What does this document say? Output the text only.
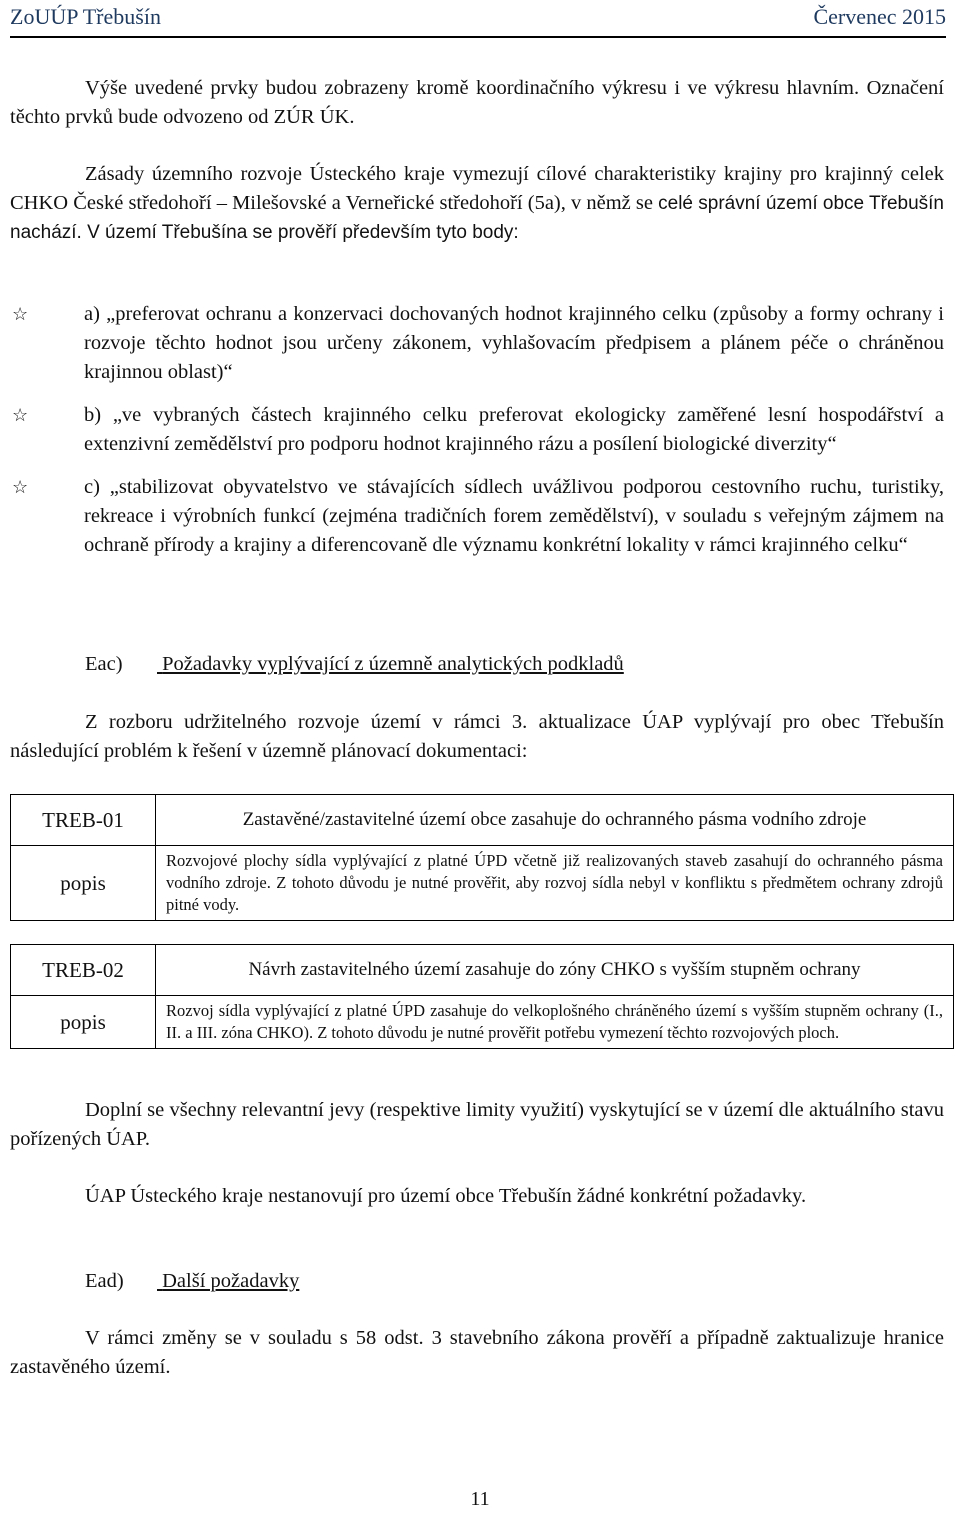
ZoUÚP Třebušín	Červenec 2015

Výše uvedené prvky budou zobrazeny kromě koordinačního výkresu i ve výkresu hlavním. Označení těchto prvků bude odvozeno od ZÚR ÚK.

Zásady územního rozvoje Ústeckého kraje vymezují cílové charakteristiky krajiny pro krajinný celek CHKO České středohoří – Milešovské a Verneřické středohoří (5a), v němž se celé správní území obce Třebušín nachází. V území Třebušína se prověří především tyto body:
☆	a) „preferovat ochranu a konzervaci dochovaných hodnot krajinného celku (způsoby a formy ochrany i rozvoje těchto hodnot jsou určeny zákonem, vyhlašovacím předpisem a plánem péče o chráněnou krajinnou oblast)“
☆	b) „ve vybraných částech krajinného celku preferovat ekologicky zaměřené lesní hospodářství a extenzivní zemědělství pro podporu hodnot krajinného rázu a posílení biologické diverzity“
☆	c) „stabilizovat obyvatelstvo ve stávajících sídlech uvážlivou podporou cestovního ruchu, turistiky, rekreace i výrobních funkcí (zejména tradičních forem zemědělství), v souladu s veřejným zájmem na ochraně přírody a krajiny a diferencovaně dle významu konkrétní lokality v rámci krajinného celku“
Eac) Požadavky vyplývající z územně analytických podkladů

Z rozboru udržitelného rozvoje území v rámci 3. aktualizace ÚAP vyplývají pro obec Třebušín následující problém k řešení v územně plánovací dokumentaci:

TREB-01	Zastavěné/zastavitelné území obce zasahuje do ochranného pásma vodního zdroje
popis	Rozvojové plochy sídla vyplývající z platné ÚPD včetně již realizovaných staveb zasahují do ochranného pásma vodního zdroje. Z tohoto důvodu je nutné prověřit, aby rozvoj sídla nebyl v konfliktu s předmětem ochrany zdrojů pitné vody.
TREB-02	Návrh zastavitelného území zasahuje do zóny CHKO s vyšším stupněm ochrany
popis	Rozvoj sídla vyplývající z platné ÚPD zasahuje do velkoplošného chráněného území s vyšším stupněm ochrany (I., II. a III. zóna CHKO). Z tohoto důvodu je nutné prověřit potřebu vymezení těchto rozvojových ploch.

Doplní se všechny relevantní jevy (respektive limity využití) vyskytující se v území dle aktuálního stavu pořízených ÚAP.

ÚAP Ústeckého kraje nestanovují pro území obce Třebušín žádné konkrétní požadavky.

Ead) Další požadavky

V rámci změny se v souladu s 58 odst. 3 stavebního zákona prověří a případně zaktualizuje hranice zastavěného území.

11
